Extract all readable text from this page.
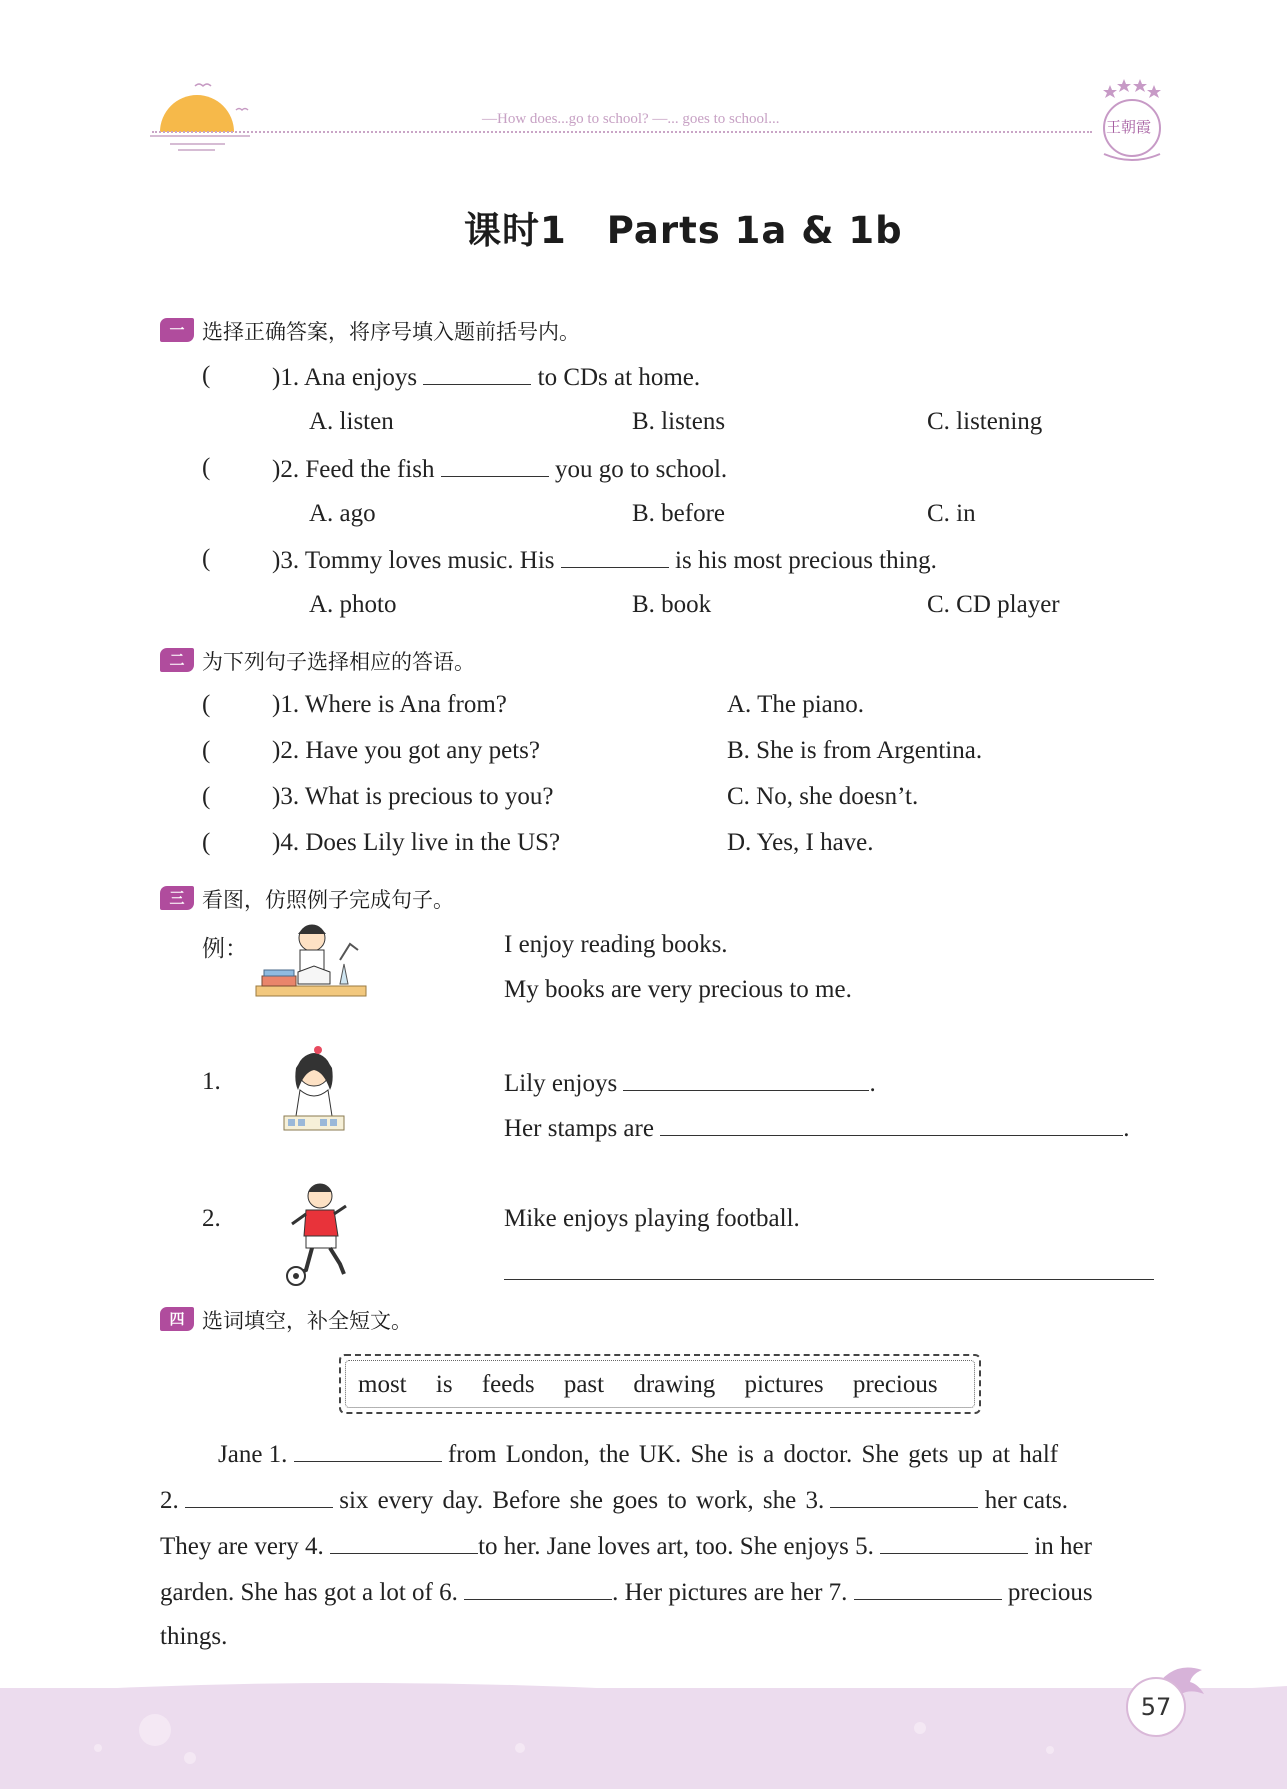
—How does...go to school? —... goes to school...	王朝霞
课时1 Parts 1a & 1b
一 选择正确答案，将序号填入题前括号内。
( )1. Ana enjoys	to CDs at home.
A. listen	B. listens	C. listening
( )2. Feed the fish	you go to school.
A. ago	B. before	C. in
( )3. Tommy loves music. His	is his most precious thing.
A. photo	B. book	C. CD player
二 为下列句子选择相应的答语。
( )1. Where is Ana from?	A. The piano.
( )2. Have you got any pets?	B. She is from Argentina.
( )3. What is precious to you?	C. No, she doesn’t.
( )4. Does Lily live in the US?	D. Yes, I have.
三 看图，仿照例子完成句子。
例：	I enjoy reading books.
My books are very precious to me.
1.	Lily enjoys	.
Her stamps are	.
2.	Mike enjoys playing football.
四 选词填空，补全短文。
most is feeds past drawing pictures precious
Jane 1.	from London, the UK. She is a doctor. She gets up at half
2.	six every day. Before she goes to work, she 3.	her cats.
They are very 4.	to her. Jane loves art, too. She enjoys 5.	in her
garden. She has got a lot of 6.	. Her pictures are her 7.	precious
things.
57
